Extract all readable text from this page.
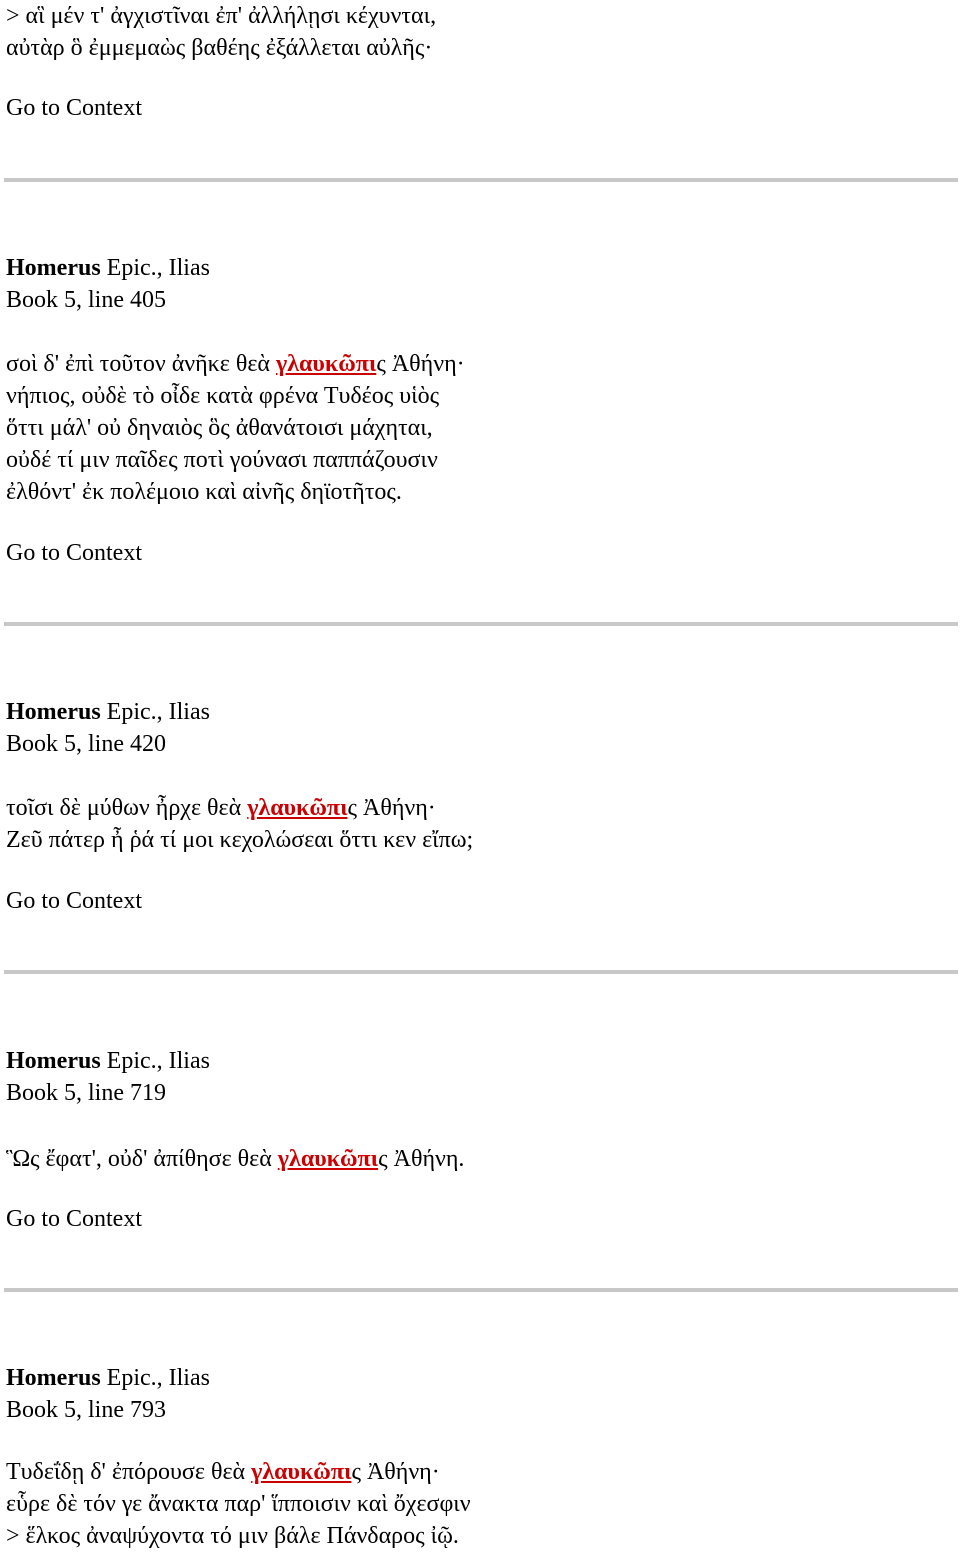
> αἳ μέν τ' ἀγχιστῖναι ἐπ' ἀλλήλῃσι κέχυνται,
αὐτὰρ ὃ ἐμμεμαὼς βαθέης ἐξάλλεται αὐλῆς·
Go to Context
Homerus Epic., Ilias
Book 5, line 405
σοὶ δ' ἐπὶ τοῦτον ἀνῆκε θεὰ γλαυκῶπις Ἀθήνη·
νήπιος, οὐδὲ τὸ οἶδε κατὰ φρένα Τυδέος υἱὸς
ὅττι μάλ' οὐ δηναιὸς ὃς ἀθανάτοισι μάχηται,
οὐδέ τί μιν παῖδες ποτὶ γούνασι παππάζουσιν
ἐλθόντ' ἐκ πολέμοιο καὶ αἰνῆς δηϊοτῆτος.
Go to Context
Homerus Epic., Ilias
Book 5, line 420
τοῖσι δὲ μύθων ἦρχε θεὰ γλαυκῶπις Ἀθήνη·
Ζεῦ πάτερ ἦ ῥά τί μοι κεχολώσεαι ὅττι κεν εἴπω;
Go to Context
Homerus Epic., Ilias
Book 5, line 719
Ὣς ἔφατ', οὐδ' ἀπίθησε θεὰ γλαυκῶπις Ἀθήνη.
Go to Context
Homerus Epic., Ilias
Book 5, line 793
Τυδεΐδῃ δ' ἐπόρουσε θεὰ γλαυκῶπις Ἀθήνη·
εὗρε δὲ τόν γε ἄνακτα παρ' ἵπποισιν καὶ ὄχεσφιν
> ἕλκος ἀναψύχοντα τό μιν βάλε Πάνδαρος ἰῷ.
